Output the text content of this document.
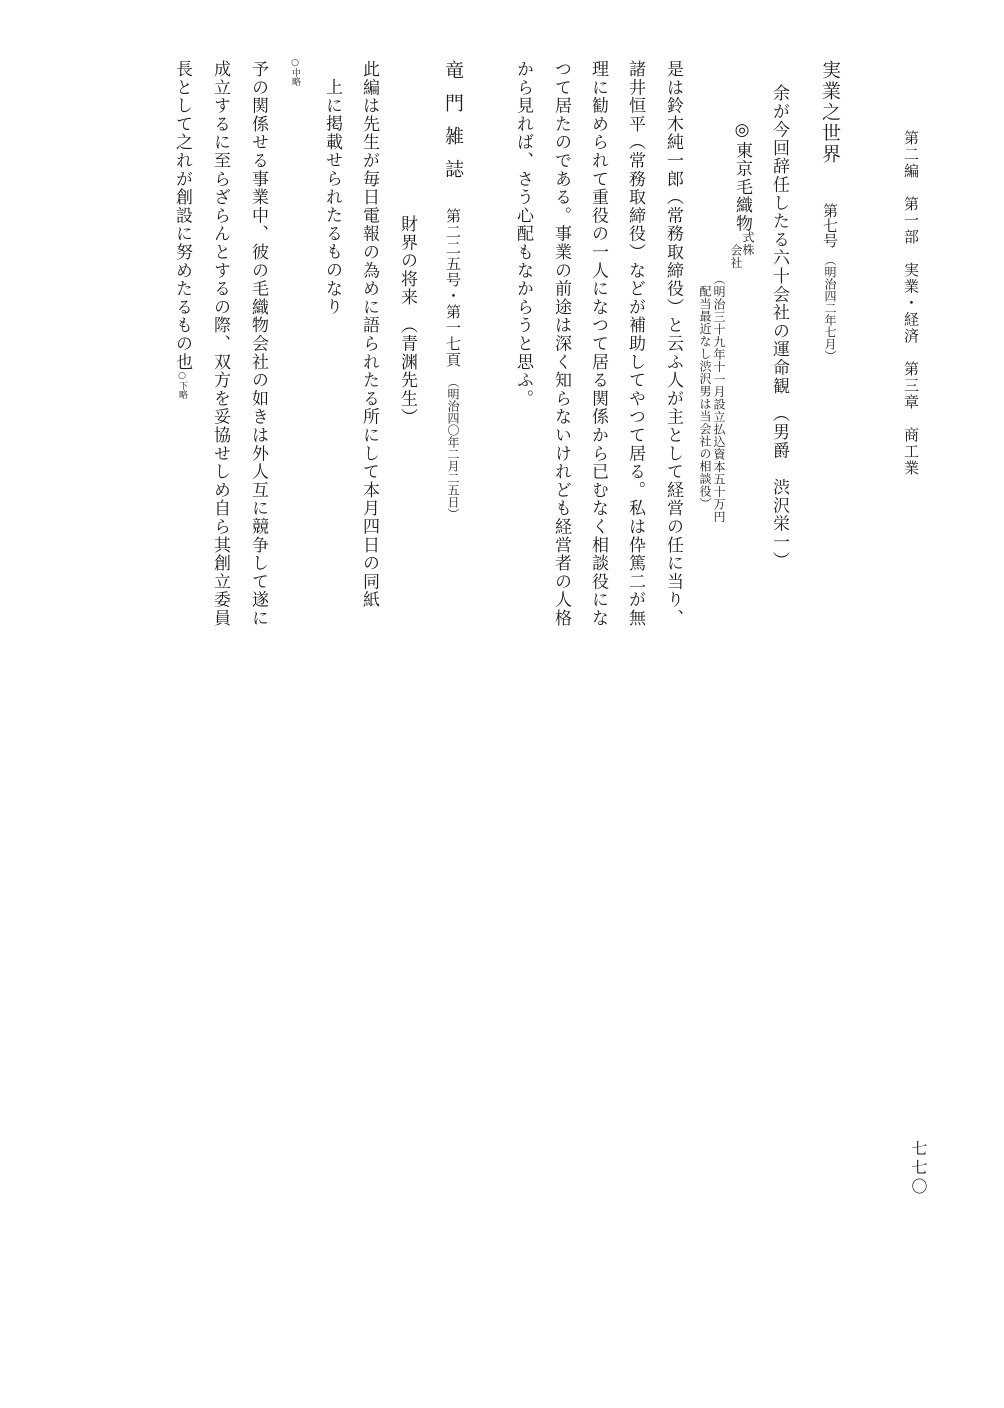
第二編　第一部　実業・経済　第三章　商工業
実業之世界第七号（明治四二年七月）
余が今回辞任したる六十会社の運命観　（男爵　渋沢栄一）
◎東京毛織物
式株
会社
（明治三十九年十一月設立払込資本五十万円
配当最近なし渋沢男は当会社の相談役）
是は鈴木純一郎（常務取締役）と云ふ人が主として経営の任に当り、
諸井恒平（常務取締役）などが補助してやつて居る。私は伜篤二が無
理に勧められて重役の一人になつて居る関係から已むなく相談役にな
つて居たのである。事業の前途は深く知らないけれども経営者の人格
から見れば、さう心配もなからうと思ふ。
竜門雑誌第二二五号・第一七頁（明治四〇年二月二五日）
財界の将来　（青渊先生）
此編は先生が毎日電報の為めに語られたる所にして本月四日の同紙
上に掲載せられたるものなり
○中略
予の関係せる事業中、彼の毛織物会社の如きは外人互に競争して遂に
成立するに至らざらんとするの際、双方を妥協せしめ自ら其創立委員
長として之れが創設に努めたるもの也○下略
七七〇
